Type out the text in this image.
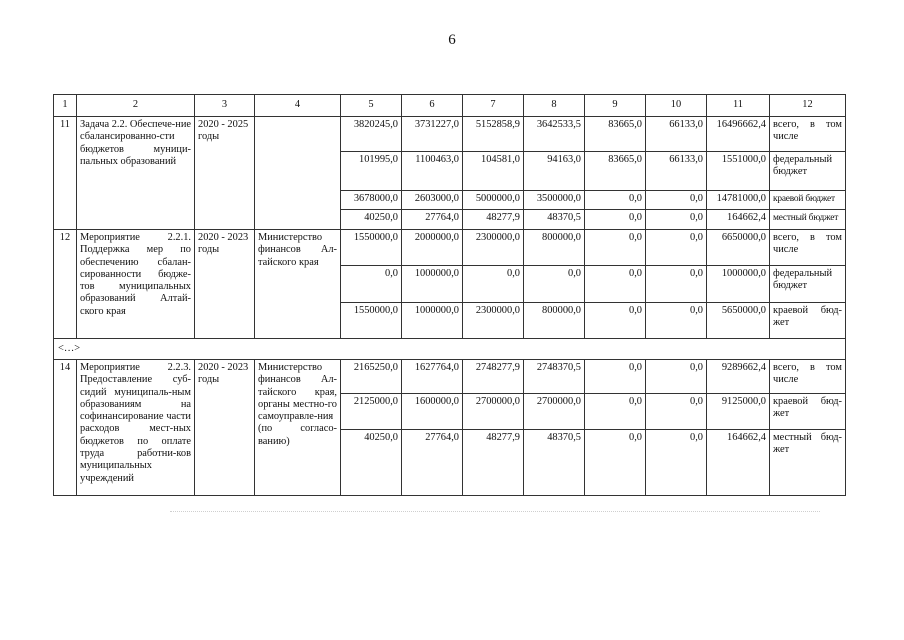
6
1	2	3	4	5	6	7	8	9	10	11	12
11	Задача 2.2. Обеспече-ние сбалансированно-сти бюджетов муници-пальных образований	2020 - 2025 годы		3820245,0	3731227,0	5152858,9	3642533,5	83665,0	66133,0	16496662,4	всего, в том числе
				101995,0	1100463,0	104581,0	94163,0	83665,0	66133,0	1551000,0	федеральный бюджет
				3678000,0	2603000,0	5000000,0	3500000,0	0,0	0,0	14781000,0	краевой бюджет
				40250,0	27764,0	48277,9	48370,5	0,0	0,0	164662,4	местный бюджет
12	Мероприятие 2.2.1. Поддержка мер по обеспечению сбалан-сированности бюдже-тов муниципальных образований Алтай-ского края	2020 - 2023 годы	Министерство финансов Ал-тайского края	1550000,0	2000000,0	2300000,0	800000,0	0,0	0,0	6650000,0	всего, в том числе
				0,0	1000000,0	0,0	0,0	0,0	0,0	1000000,0	федеральный бюджет
				1550000,0	1000000,0	2300000,0	800000,0	0,0	0,0	5650000,0	краевой бюд-жет
<…>											
14	Мероприятие 2.2.3. Предоставление суб-сидий муниципаль-ным образованиям на софинансирование части расходов мест-ных бюджетов по оплате труда работни-ков муниципальных учреждений	2020 - 2023 годы	Министерство финансов Ал-тайского края, органы местно-го самоуправле-ния (по согласо-ванию)	2165250,0	1627764,0	2748277,9	2748370,5	0,0	0,0	9289662,4	всего, в том числе
				2125000,0	1600000,0	2700000,0	2700000,0	0,0	0,0	9125000,0	краевой бюд-жет
				40250,0	27764,0	48277,9	48370,5	0,0	0,0	164662,4	местный бюд-жет
